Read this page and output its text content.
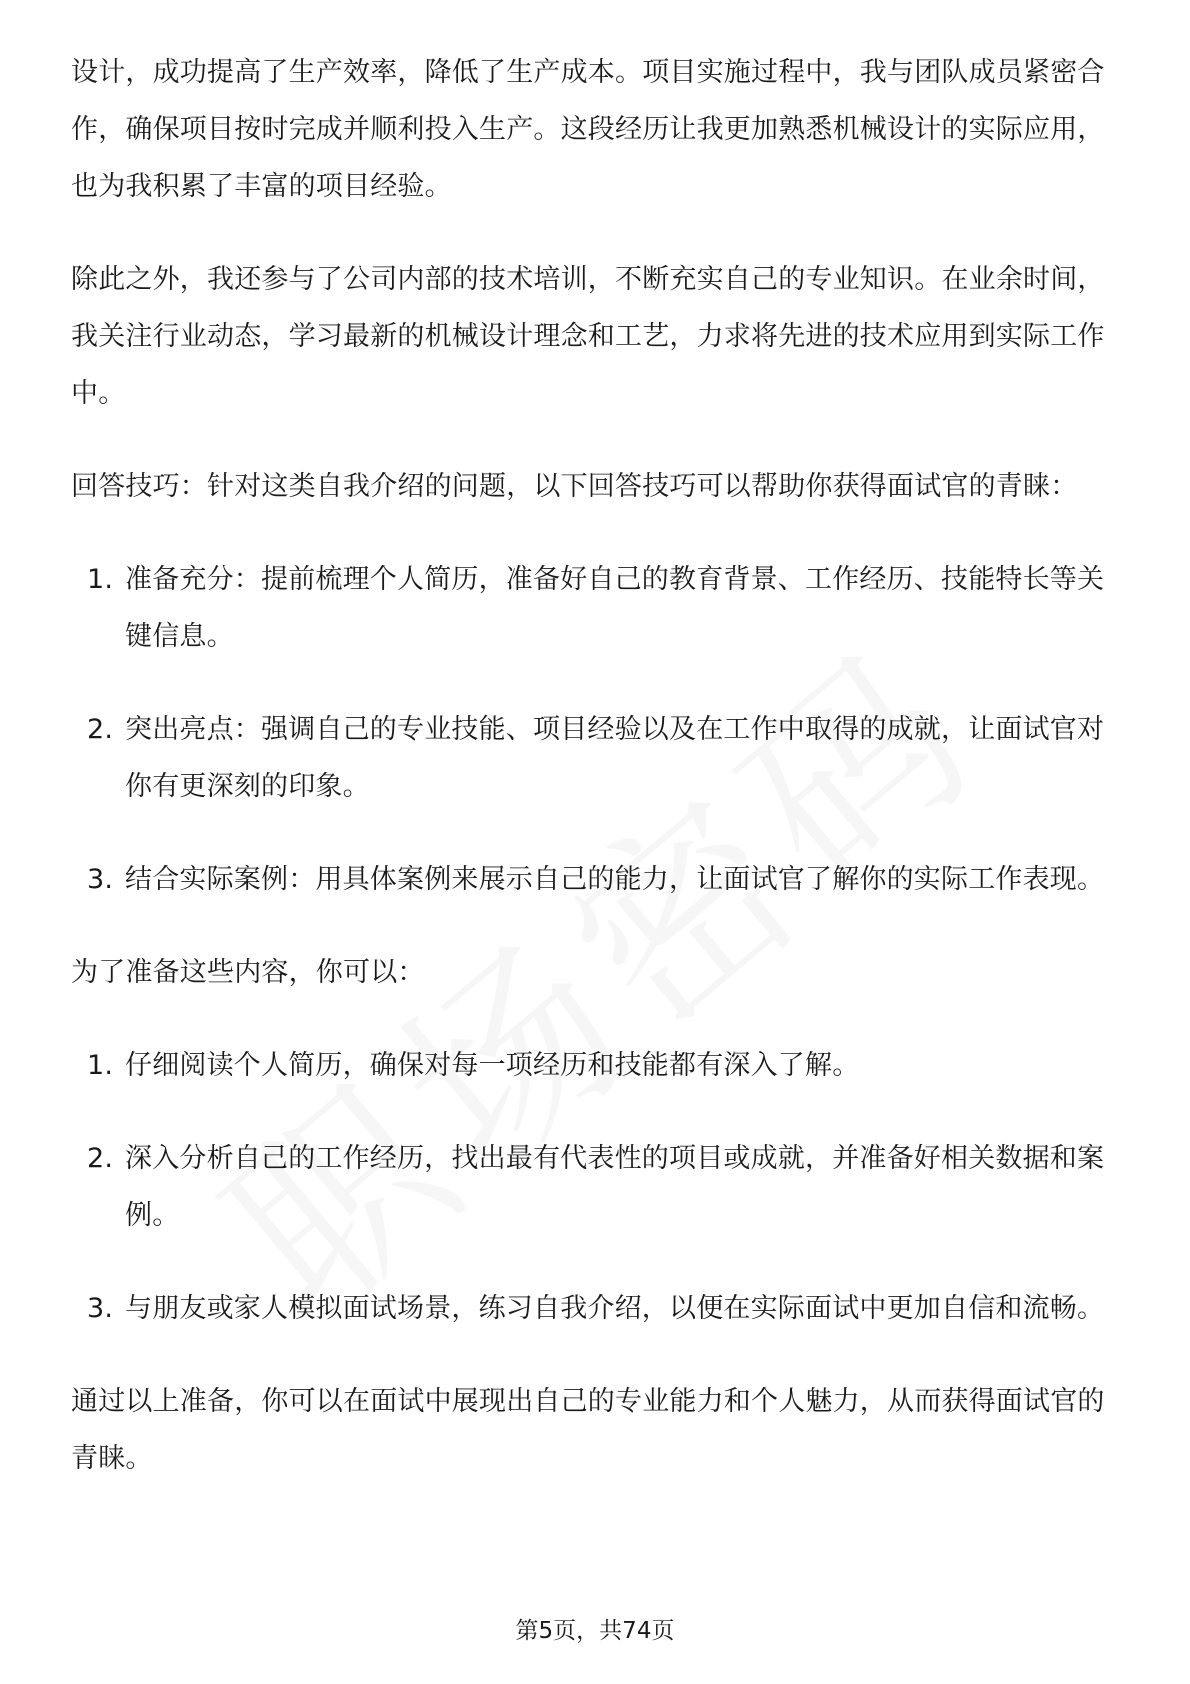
设计，成功提高了生产效率，降低了生产成本。项目实施过程中，我与团队成员紧密合作，确保项目按时完成并顺利投入生产。这段经历让我更加熟悉机械设计的实际应用，也为我积累了丰富的项目经验。

除此之外，我还参与了公司内部的技术培训，不断充实自己的专业知识。在业余时间，我关注行业动态，学习最新的机械设计理念和工艺，力求将先进的技术应用到实际工作中。

回答技巧：针对这类自我介绍的问题，以下回答技巧可以帮助你获得面试官的青睐：

1. 准备充分：提前梳理个人简历，准备好自己的教育背景、工作经历、技能特长等关键信息。
2. 突出亮点：强调自己的专业技能、项目经验以及在工作中取得的成就，让面试官对你有更深刻的印象。
3. 结合实际案例：用具体案例来展示自己的能力，让面试官了解你的实际工作表现。

为了准备这些内容，你可以：

1. 仔细阅读个人简历，确保对每一项经历和技能都有深入了解。
2. 深入分析自己的工作经历，找出最有代表性的项目或成就，并准备好相关数据和案例。
3. 与朋友或家人模拟面试场景，练习自我介绍，以便在实际面试中更加自信和流畅。

通过以上准备，你可以在面试中展现出自己的专业能力和个人魅力，从而获得面试官的青睐。

第5页，共74页
